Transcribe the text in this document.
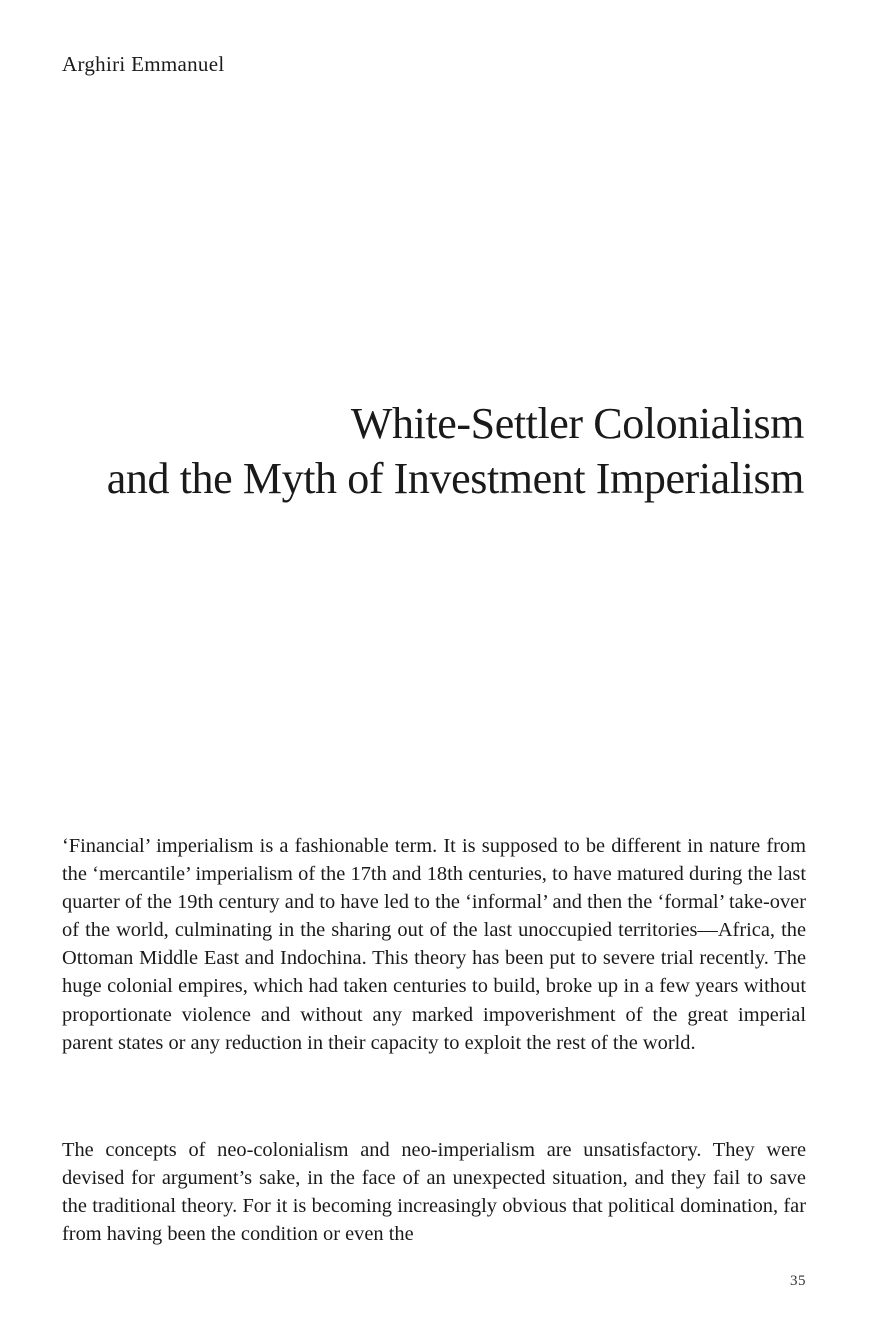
Arghiri Emmanuel
White-Settler Colonialism
and the Myth of Investment Imperialism

‘Financial’ imperialism is a fashionable term. It is supposed to be different in nature from the ‘mercantile’ imperialism of the 17th and 18th centuries, to have matured during the last quarter of the 19th century and to have led to the ‘informal’ and then the ‘formal’ take-over of the world, culminating in the sharing out of the last unoccupied territories—Africa, the Ottoman Middle East and Indochina. This theory has been put to severe trial recently. The huge colonial empires, which had taken centuries to build, broke up in a few years without proportionate violence and without any marked impoverishment of the great imperial parent states or any reduction in their capacity to exploit the rest of the world.

The concepts of neo-colonialism and neo-imperialism are unsatisfactory. They were devised for argument’s sake, in the face of an unexpected situation, and they fail to save the traditional theory. For it is becoming increasingly obvious that political domination, far from having been the condition or even the

35
